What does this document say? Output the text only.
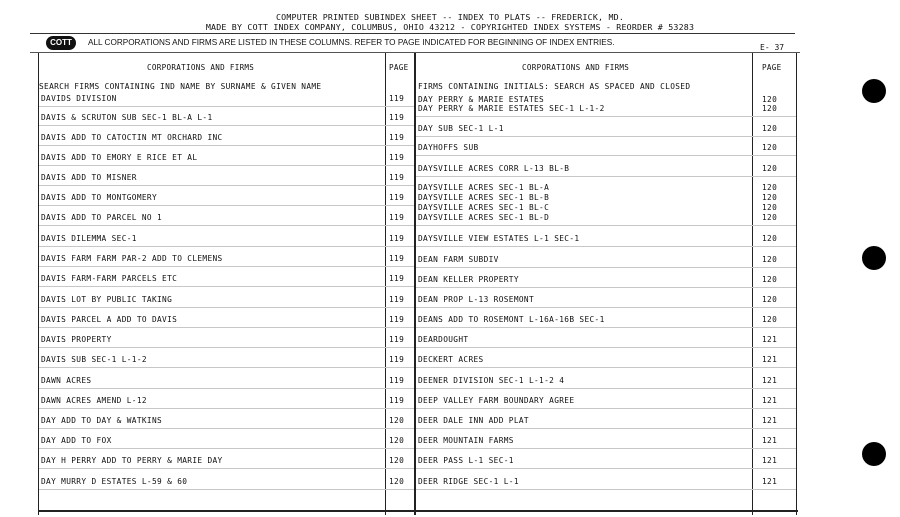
COMPUTER PRINTED SUBINDEX SHEET -- INDEX TO PLATS -- FREDERICK, MD.
MADE BY COTT INDEX COMPANY, COLUMBUS, OHIO 43212 - COPYRIGHTED INDEX SYSTEMS - REORDER # 53283
COTT	ALL CORPORATIONS AND FIRMS ARE LISTED IN THESE COLUMNS. REFER TO PAGE INDICATED FOR BEGINNING OF INDEX ENTRIES.
E- 37
CORPORATIONS AND FIRMS	PAGE	CORPORATIONS AND FIRMS	PAGE
SEARCH FIRMS CONTAINING IND NAME BY SURNAME & GIVEN NAME	FIRMS CONTAINING INITIALS: SEARCH AS SPACED AND CLOSED
DAVIDS DIVISION	119
DAVIS & SCRUTON SUB SEC-1 BL-A L-1	119
DAVIS ADD TO CATOCTIN MT ORCHARD INC	119
DAVIS ADD TO EMORY E RICE ET AL	119
DAVIS ADD TO MISNER	119
DAVIS ADD TO MONTGOMERY	119
DAVIS ADD TO PARCEL NO 1	119
DAVIS DILEMMA SEC-1	119
DAVIS FARM FARM PAR-2 ADD TO CLEMENS	119
DAVIS FARM-FARM PARCELS ETC	119
DAVIS LOT BY PUBLIC TAKING	119
DAVIS PARCEL A ADD TO DAVIS	119
DAVIS PROPERTY	119
DAVIS SUB SEC-1 L-1-2	119
DAWN ACRES	119
DAWN ACRES AMEND L-12	119
DAY ADD TO DAY & WATKINS	120
DAY ADD TO FOX	120
DAY H PERRY ADD TO PERRY & MARIE DAY	120
DAY MURRY D ESTATES L-59 & 60	120
DAY PERRY & MARIE ESTATES	120
DAY PERRY & MARIE ESTATES SEC-1 L-1-2	120
DAY SUB SEC-1 L-1	120
DAYHOFFS SUB	120
DAYSVILLE ACRES CORR L-13 BL-B	120
DAYSVILLE ACRES SEC-1 BL-A	120
DAYSVILLE ACRES SEC-1 BL-B	120
DAYSVILLE ACRES SEC-1 BL-C	120
DAYSVILLE ACRES SEC-1 BL-D	120
DAYSVILLE VIEW ESTATES L-1 SEC-1	120
DEAN FARM SUBDIV	120
DEAN KELLER PROPERTY	120
DEAN PROP L-13 ROSEMONT	120
DEANS ADD TO ROSEMONT L-16A-16B SEC-1	120
DEARDOUGHT	121
DECKERT ACRES	121
DEENER DIVISION SEC-1 L-1-2 4	121
DEEP VALLEY FARM BOUNDARY AGREE	121
DEER DALE INN ADD PLAT	121
DEER MOUNTAIN FARMS	121
DEER PASS L-1 SEC-1	121
DEER RIDGE SEC-1 L-1	121
